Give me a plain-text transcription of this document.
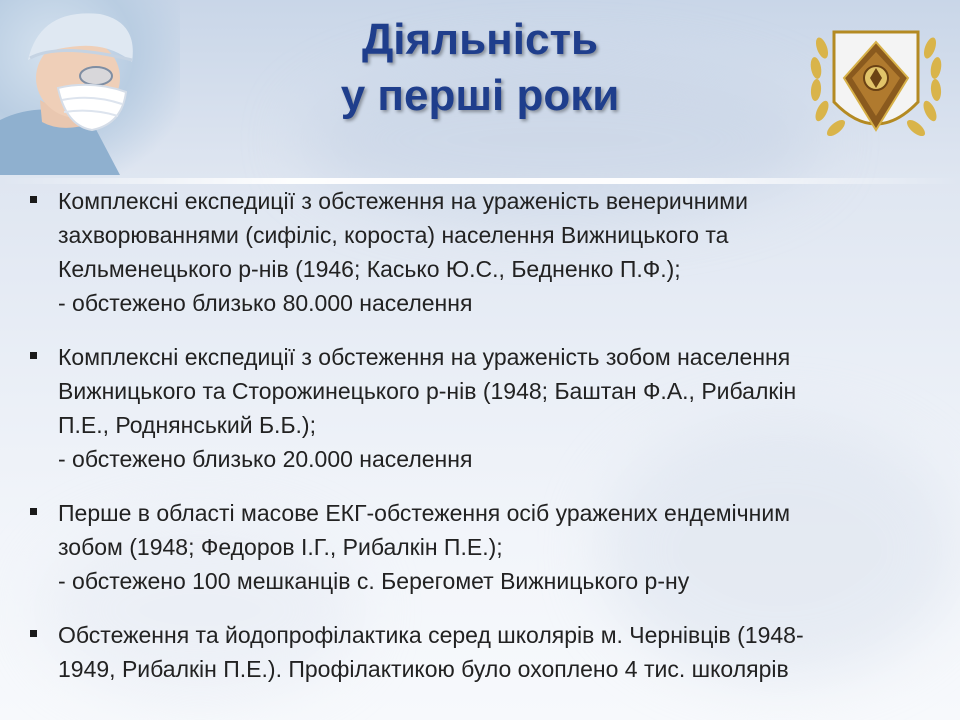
Діяльність
у перші роки
Комплексні експедиції з обстеження на ураженість венеричними
захворюваннями (сифіліс, короста) населення Вижницького та
Кельменецького р-нів (1946; Касько Ю.С., Бедненко П.Ф.);
- обстежено близько 80.000 населення
Комплексні експедиції з обстеження на ураженість зобом населення
Вижницького та Сторожинецького р-нів (1948; Баштан Ф.А., Рибалкін
П.Е., Роднянський Б.Б.);
- обстежено близько 20.000 населення
Перше в області масове ЕКГ-обстеження осіб уражених ендемічним
зобом (1948; Федоров І.Г., Рибалкін П.Е.);
- обстежено 100 мешканців с. Берегомет Вижницького р-ну
Обстеження та йодопрофілактика серед школярів м. Чернівців (1948-
1949, Рибалкін П.Е.). Профілактикою було охоплено 4 тис. школярів
